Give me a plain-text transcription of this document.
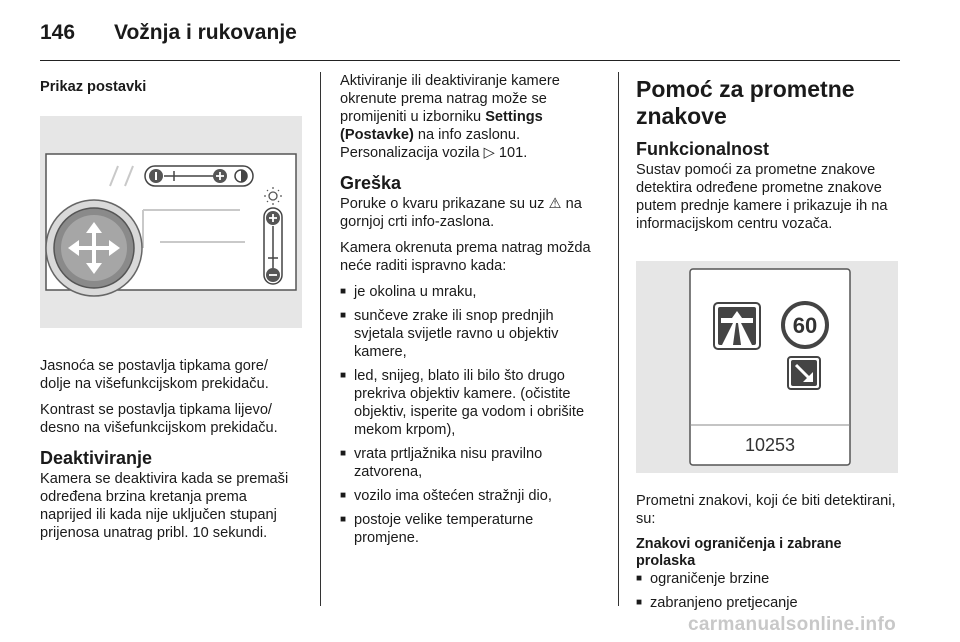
146	Vožnja i rukovanje
Prikaz postavki

Jasnoća se postavlja tipkama gore/ dolje na višefunkcijskom prekidaču.

Kontrast se postavlja tipkama lijevo/ desno na višefunkcijskom prekidaču.

Deaktiviranje

Kamera se deaktivira kada se premaši određena brzina kretanja prema naprijed ili kada nije uključen stupanj prijenosa unatrag pribl. 10 sekundi.

Aktiviranje ili deaktiviranje kamere okrenute prema natrag može se promijeniti u izborniku Settings (Postavke) na info zaslonu.
Personalizacija vozila ▷ 101.

Greška

Poruke o kvaru prikazane su uz ⚠ na gornjoj crti info-zaslona.

Kamera okrenuta prema natrag možda neće raditi ispravno kada:

■ je okolina u mraku,
■ sunčeve zrake ili snop prednjih svjetala svijetle ravno u objektiv kamere,
■ led, snijeg, blato ili bilo što drugo prekriva objektiv kamere. (očistite objektiv, isperite ga vodom i obrišite mekom krpom),
■ vrata prtljažnika nisu pravilno zatvorena,
■ vozilo ima oštećen stražnji dio,
■ postoje velike temperaturne promjene.
Pomoć za prometne znakove
Funkcionalnost

Sustav pomoći za prometne znakove detektira određene prometne znakove putem prednje kamere i prikazuje ih na informacijskom centru vozača.

60
10253

Prometni znakovi, koji će biti detektirani, su:

Znakovi ograničenja i zabrane prolaska
■ ograničenje brzine
■ zabranjeno pretjecanje
carmanualsonline.info
